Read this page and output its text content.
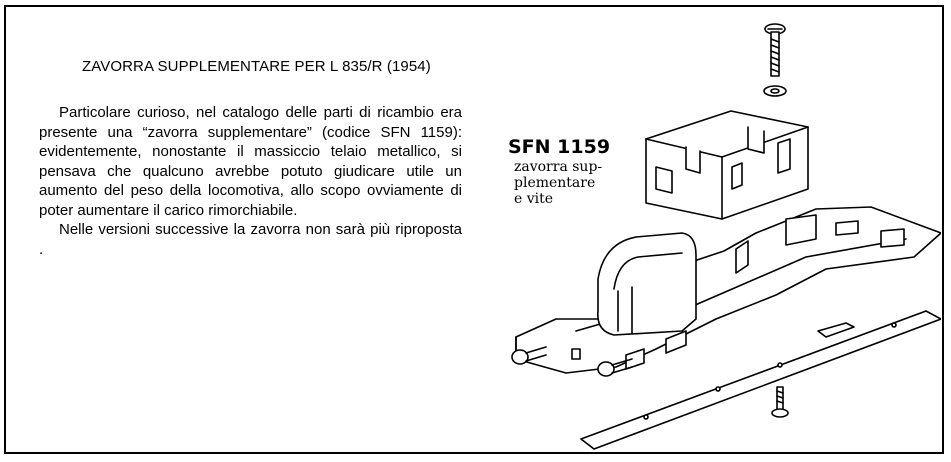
ZAVORRA SUPPLEMENTARE PER L 835/R (1954)

Particolare curioso, nel catalogo delle parti di ricambio era presente una “zavorra supplementare” (codice SFN 1159): evidentemente, nonostante il massiccio telaio metallico, si pensava che qualcuno avrebbe potuto giudicare utile un aumento del peso della locomotiva, allo scopo ovviamente di poter aumentare il carico rimorchiabile.

Nelle versioni successive la zavorra non sarà più riproposta .

SFN 1159
zavorra sup-
plementare
e vite
